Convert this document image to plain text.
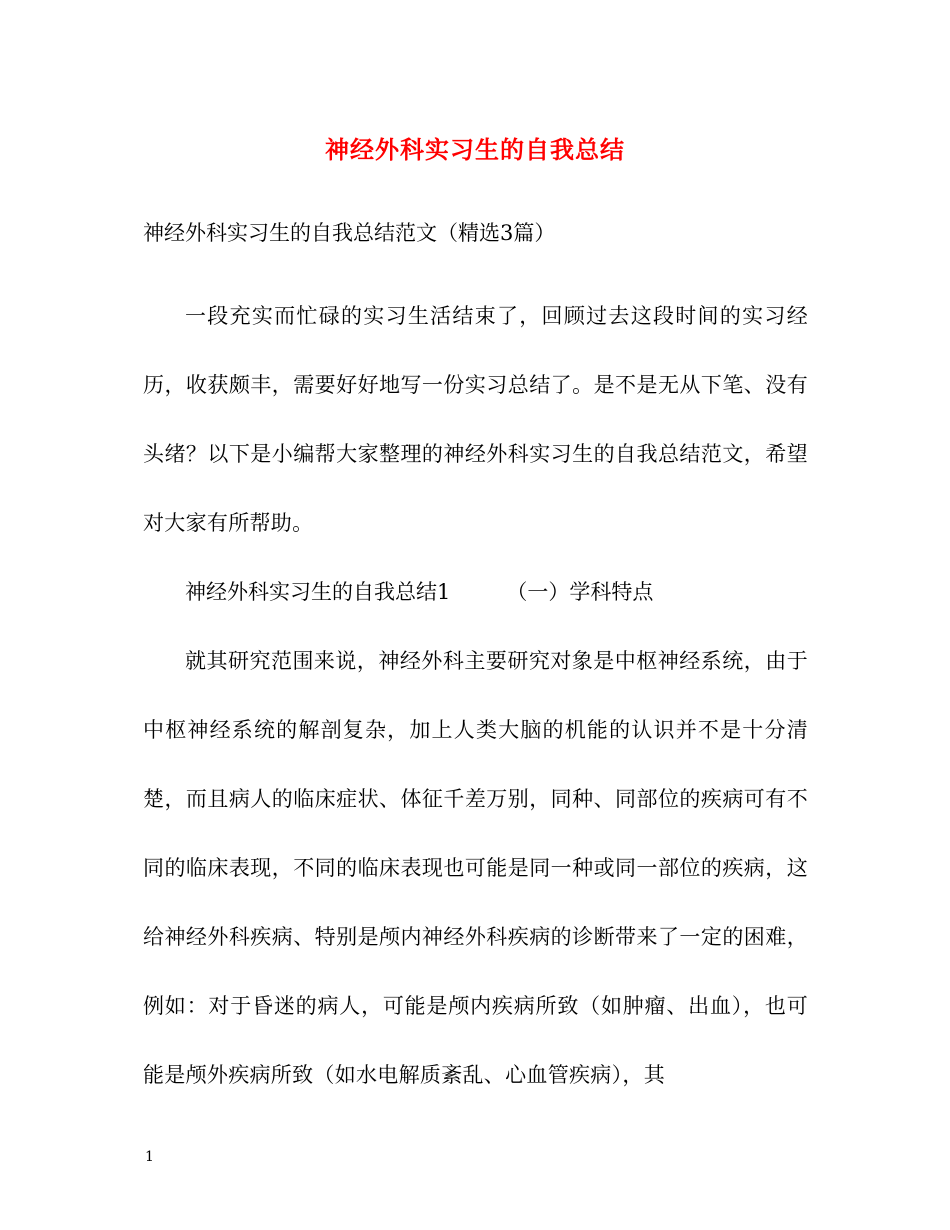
神经外科实习生的自我总结
神经外科实习生的自我总结范文（精选3篇）

一段充实而忙碌的实习生活结束了，回顾过去这段时间的实习经历，收获颇丰，需要好好地写一份实习总结了。是不是无从下笔、没有头绪？以下是小编帮大家整理的神经外科实习生的自我总结范文，希望对大家有所帮助。

神经外科实习生的自我总结1	（一）学科特点

就其研究范围来说，神经外科主要研究对象是中枢神经系统，由于中枢神经系统的解剖复杂，加上人类大脑的机能的认识并不是十分清楚，而且病人的临床症状、体征千差万别，同种、同部位的疾病可有不同的临床表现，不同的临床表现也可能是同一种或同一部位的疾病，这给神经外科疾病、特别是颅内神经外科疾病的诊断带来了一定的困难，例如：对于昏迷的病人，可能是颅内疾病所致（如肿瘤、出血），也可能是颅外疾病所致（如水电解质紊乱、心血管疾病），其

1
